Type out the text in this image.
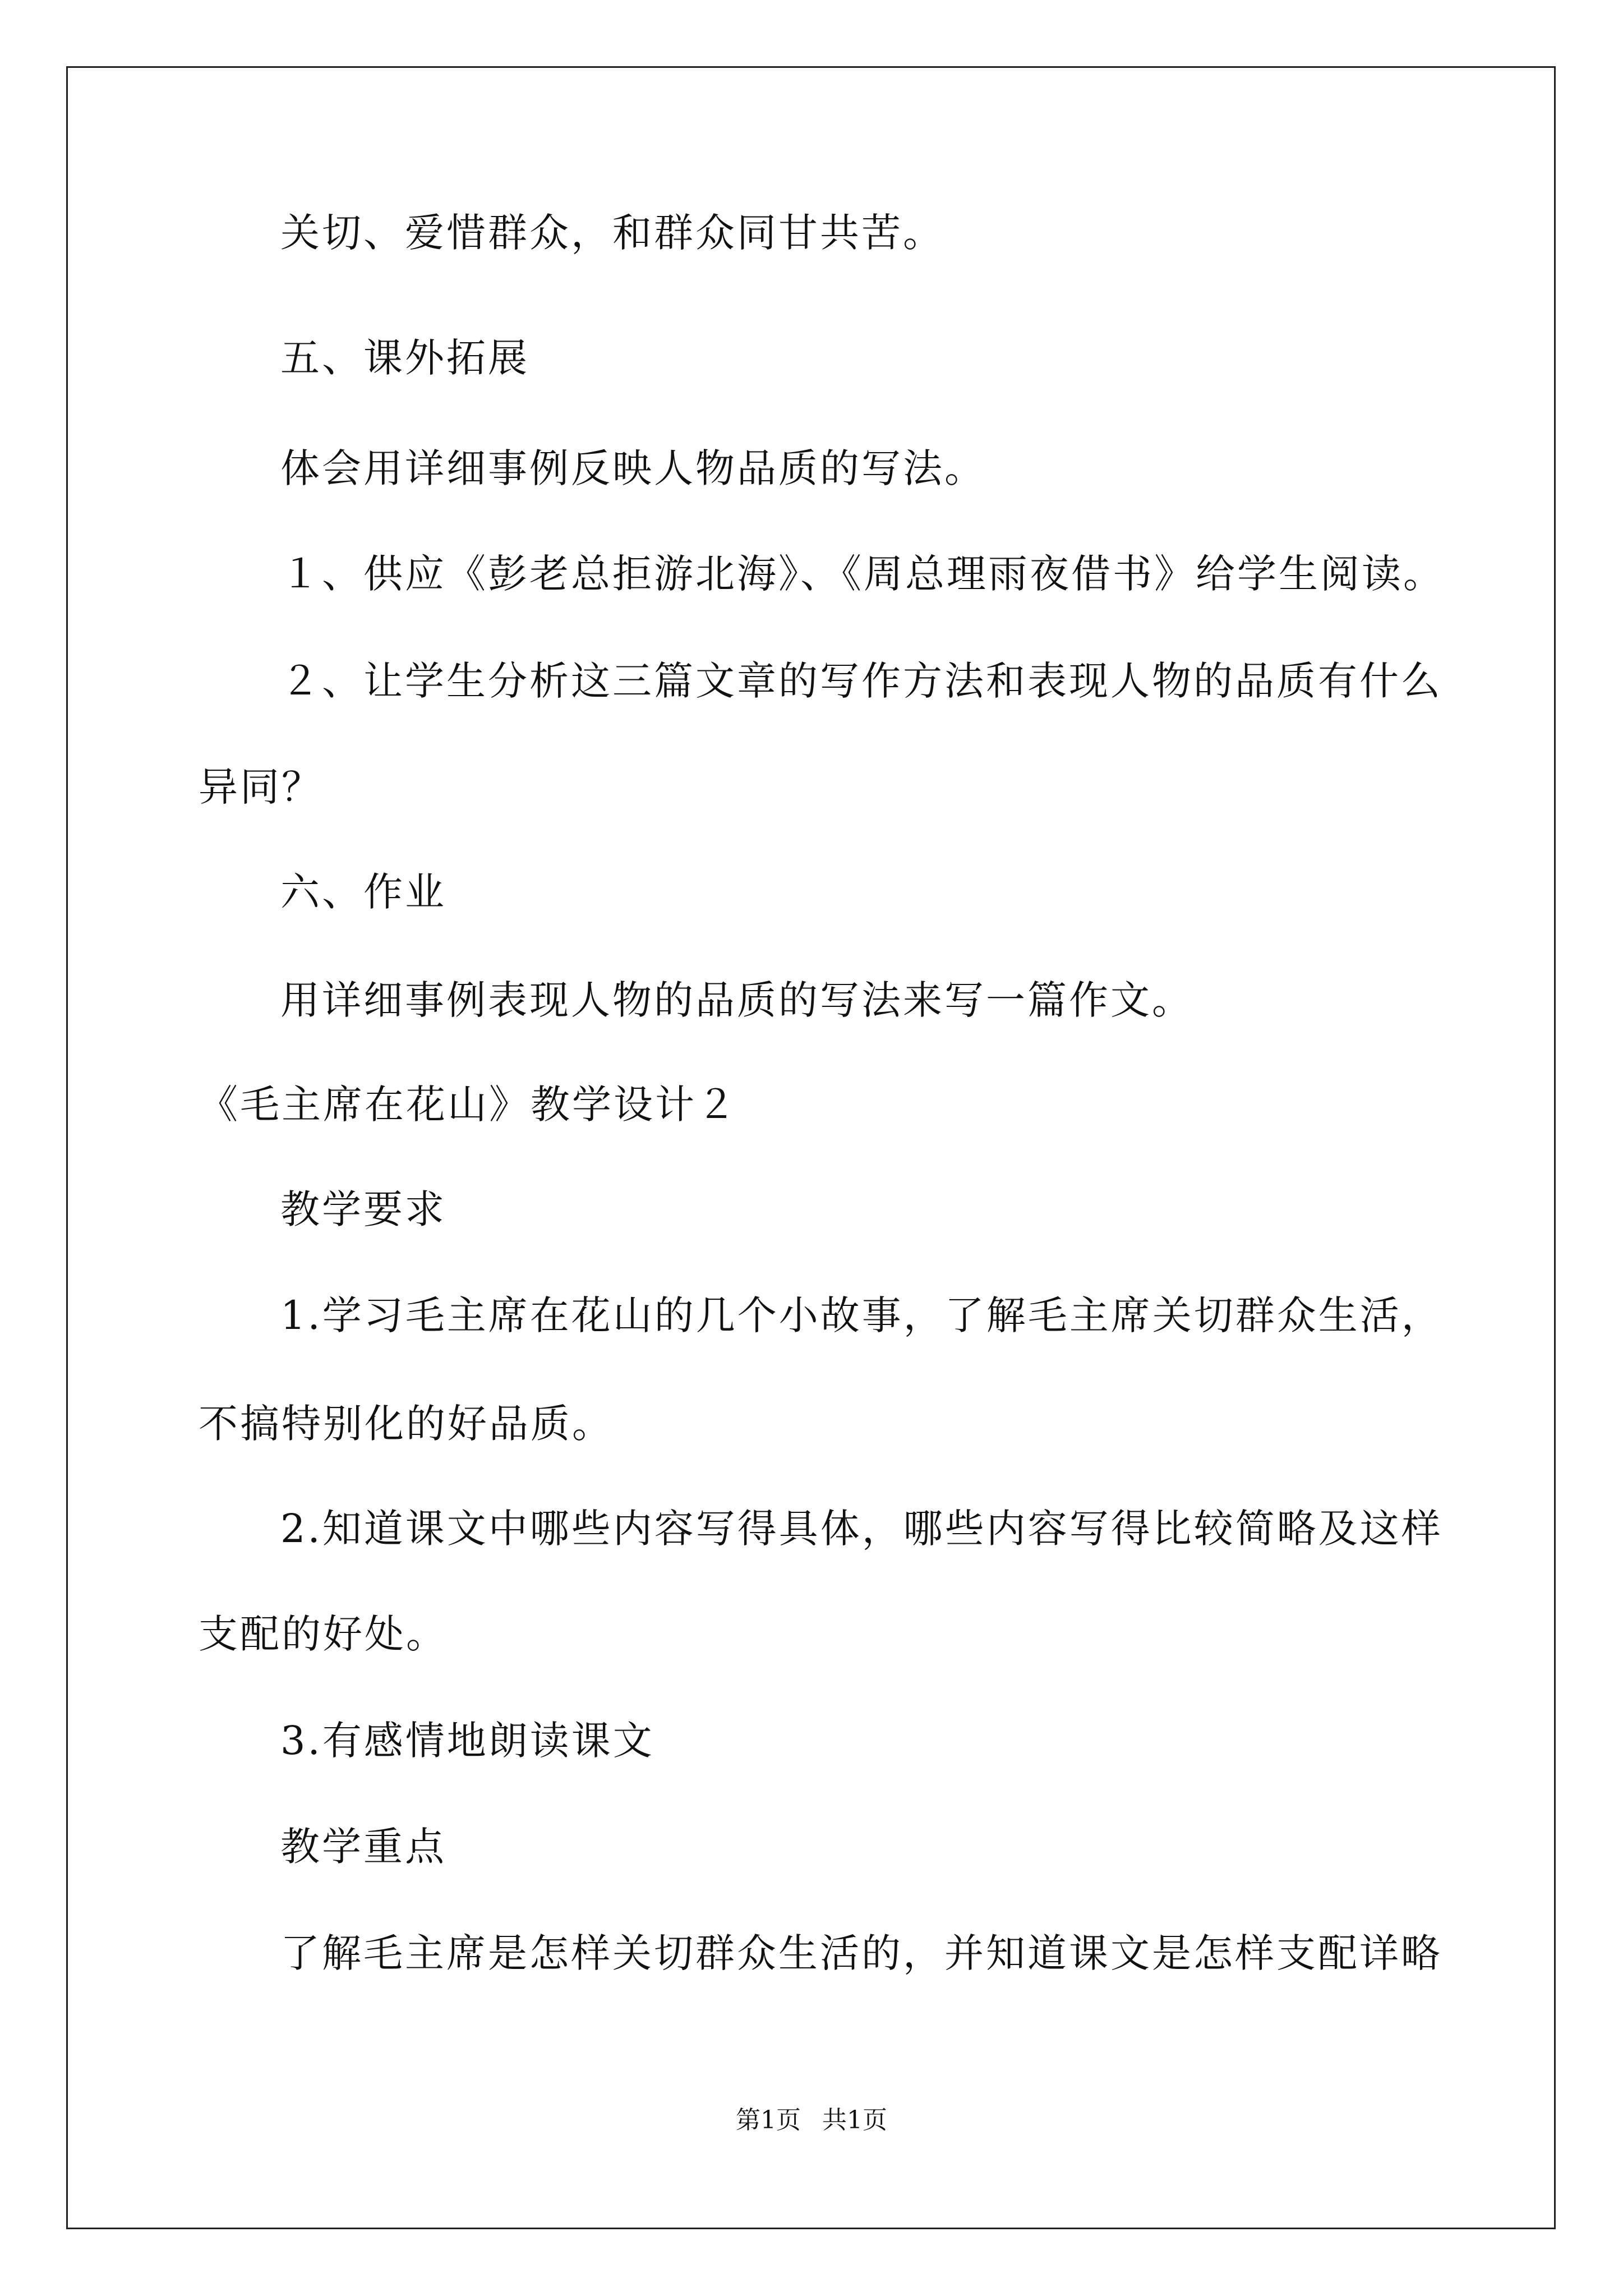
关切、爱惜群众，和群众同甘共苦。
五、课外拓展
体会用详细事例反映人物品质的写法。
１、供应《彭老总拒游北海》、《周总理雨夜借书》给学生阅读。
２、让学生分析这三篇文章的写作方法和表现人物的品质有什么
异同？
六、作业
用详细事例表现人物的品质的写法来写一篇作文。
《毛主席在花山》教学设计２
教学要求
1.学习毛主席在花山的几个小故事，了解毛主席关切群众生活，
不搞特别化的好品质。
2.知道课文中哪些内容写得具体，哪些内容写得比较简略及这样
支配的好处。
3.有感情地朗读课文
教学重点
了解毛主席是怎样关切群众生活的，并知道课文是怎样支配详略
第1页 共1页
